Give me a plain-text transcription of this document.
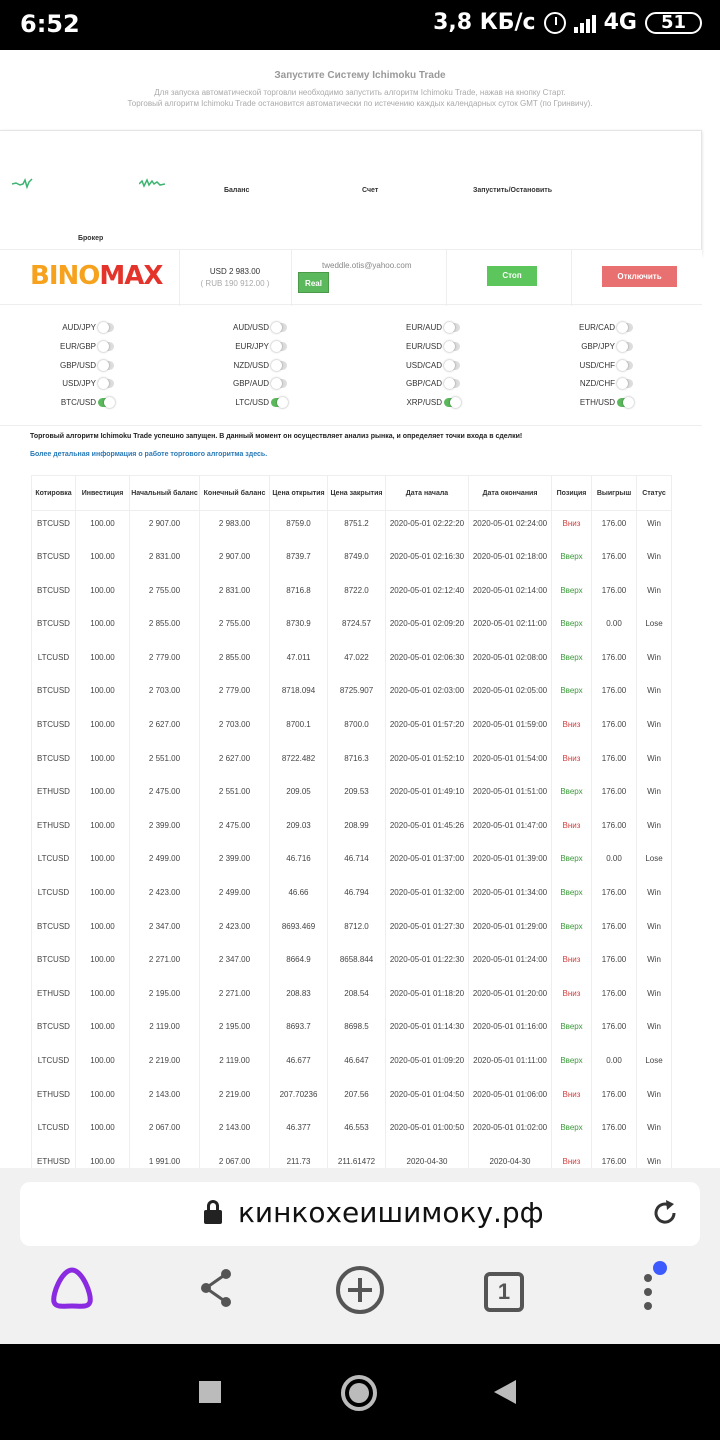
6:52	3,8 КБ/с	4G	51
Запустите Систему Ichimoku Trade
Для запуска автоматической торговли необходимо запустить алгоритм Ichimoku Trade, нажав на кнопку Старт.
Торговый алгоритм Ichimoku Trade остановится автоматически по истечению каждых календарных суток GMT (по Гринвичу).
Баланс	Счет	Запустить/Остановить
Брокер
BINOMAX	USD 2 983.00
( RUB 190 912.00 )
tweddle.otis@yahoo.com
Real
Стоп	Отключить
AUD/JPY
EUR/GBP
GBP/USD
USD/JPY
BTC/USD
AUD/USD
EUR/JPY
NZD/USD
GBP/AUD
LTC/USD
EUR/AUD
EUR/USD
USD/CAD
GBP/CAD
XRP/USD
EUR/CAD
GBP/JPY
USD/CHF
NZD/CHF
ETH/USD
Торговый алгоритм Ichimoku Trade успешно запущен. В данный момент он осуществляет анализ рынка, и определяет точки входа в сделки!
Более детальная информация о работе торгового алгоритма здесь.
Котировка	Инвестиция	Начальный баланс	Конечный баланс	Цена открытия	Цена закрытия	Дата начала	Дата окончания	Позиция	Выигрыш	Статус
BTCUSD	100.00	2 907.00	2 983.00	8759.0	8751.2	2020-05-01 02:22:20	2020-05-01 02:24:00	Вниз	176.00	Win
BTCUSD	100.00	2 831.00	2 907.00	8739.7	8749.0	2020-05-01 02:16:30	2020-05-01 02:18:00	Вверх	176.00	Win
BTCUSD	100.00	2 755.00	2 831.00	8716.8	8722.0	2020-05-01 02:12:40	2020-05-01 02:14:00	Вверх	176.00	Win
BTCUSD	100.00	2 855.00	2 755.00	8730.9	8724.57	2020-05-01 02:09:20	2020-05-01 02:11:00	Вверх	0.00	Lose
LTCUSD	100.00	2 779.00	2 855.00	47.011	47.022	2020-05-01 02:06:30	2020-05-01 02:08:00	Вверх	176.00	Win
BTCUSD	100.00	2 703.00	2 779.00	8718.094	8725.907	2020-05-01 02:03:00	2020-05-01 02:05:00	Вверх	176.00	Win
BTCUSD	100.00	2 627.00	2 703.00	8700.1	8700.0	2020-05-01 01:57:20	2020-05-01 01:59:00	Вниз	176.00	Win
BTCUSD	100.00	2 551.00	2 627.00	8722.482	8716.3	2020-05-01 01:52:10	2020-05-01 01:54:00	Вниз	176.00	Win
ETHUSD	100.00	2 475.00	2 551.00	209.05	209.53	2020-05-01 01:49:10	2020-05-01 01:51:00	Вверх	176.00	Win
ETHUSD	100.00	2 399.00	2 475.00	209.03	208.99	2020-05-01 01:45:26	2020-05-01 01:47:00	Вниз	176.00	Win
LTCUSD	100.00	2 499.00	2 399.00	46.716	46.714	2020-05-01 01:37:00	2020-05-01 01:39:00	Вверх	0.00	Lose
LTCUSD	100.00	2 423.00	2 499.00	46.66	46.794	2020-05-01 01:32:00	2020-05-01 01:34:00	Вверх	176.00	Win
BTCUSD	100.00	2 347.00	2 423.00	8693.469	8712.0	2020-05-01 01:27:30	2020-05-01 01:29:00	Вверх	176.00	Win
BTCUSD	100.00	2 271.00	2 347.00	8664.9	8658.844	2020-05-01 01:22:30	2020-05-01 01:24:00	Вниз	176.00	Win
ETHUSD	100.00	2 195.00	2 271.00	208.83	208.54	2020-05-01 01:18:20	2020-05-01 01:20:00	Вниз	176.00	Win
BTCUSD	100.00	2 119.00	2 195.00	8693.7	8698.5	2020-05-01 01:14:30	2020-05-01 01:16:00	Вверх	176.00	Win
LTCUSD	100.00	2 219.00	2 119.00	46.677	46.647	2020-05-01 01:09:20	2020-05-01 01:11:00	Вверх	0.00	Lose
ETHUSD	100.00	2 143.00	2 219.00	207.70236	207.56	2020-05-01 01:04:50	2020-05-01 01:06:00	Вниз	176.00	Win
LTCUSD	100.00	2 067.00	2 143.00	46.377	46.553	2020-05-01 01:00:50	2020-05-01 01:02:00	Вверх	176.00	Win
ETHUSD	100.00	1 991.00	2 067.00	211.73	211.61472	2020-04-30	2020-04-30	Вниз	176.00	Win
кинкохеишимоку.рф
1
